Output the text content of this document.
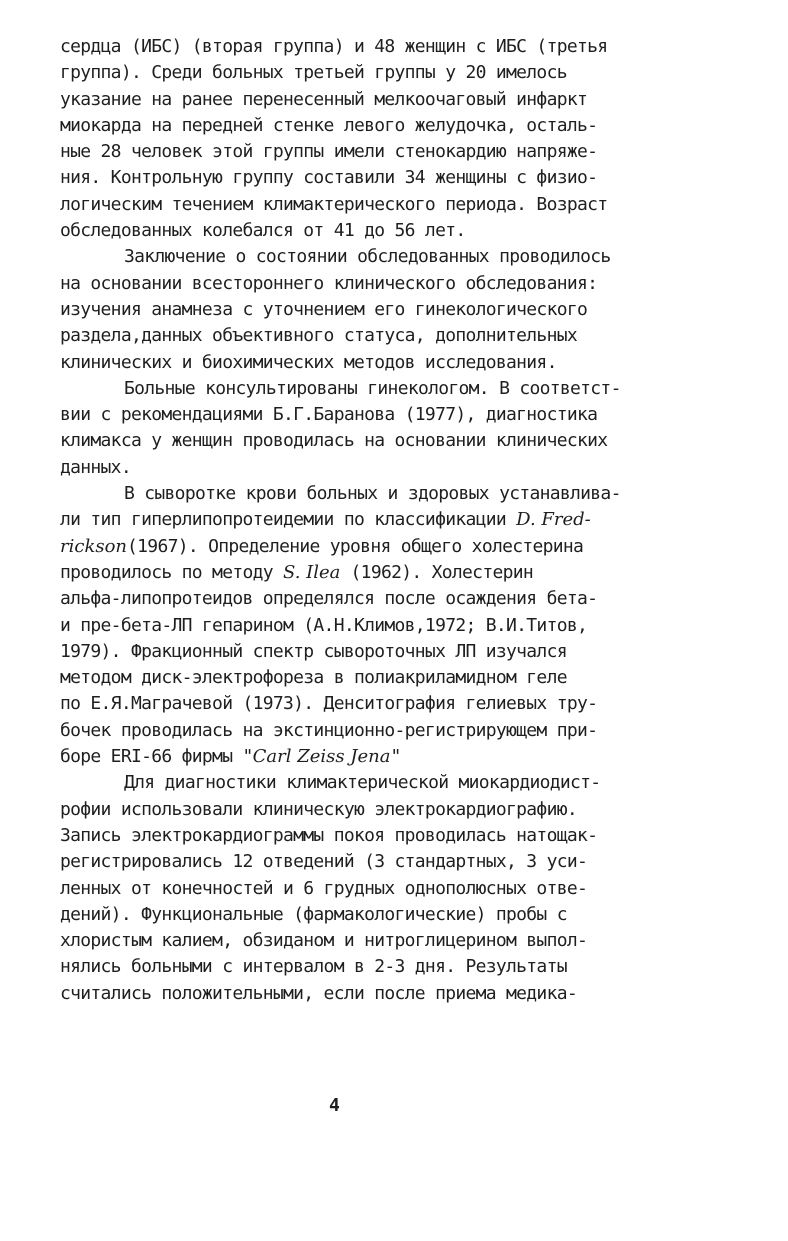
сердца (ИБС) (вторая группа) и 48 женщин с ИБС (третья
группа). Среди больных третьей группы у 20 имелось
указание на ранее перенесенный мелкоочаговый инфаркт
миокарда на передней стенке левого желудочка, осталь-
ные 28 человек этой группы имели стенокардию напряже-
ния. Контрольную группу составили 34 женщины с физио-
логическим течением климактерического периода. Возраст
обследованных колебался от 41 до 56 лет.
Заключение о состоянии обследованных проводилось
на основании всестороннего клинического обследования:
изучения анамнеза с уточнением его гинекологического
раздела,данных объективного статуса, дополнительных
клинических и биохимических методов исследования.
Больные консультированы гинекологом. В соответст-
вии с рекомендациями Б.Г.Баранова (1977), диагностика
климакса у женщин проводилась на основании клинических
данных.
В сыворотке крови больных и здоровых устанавлива-
ли тип гиперлипопротеидемии по классификации D. Fred-
rickson(1967). Определение уровня общего холестерина
проводилось по методу S. Ilea (1962). Холестерин
альфа-липопротеидов определялся после осаждения бета-
и пре-бета-ЛП гепарином (А.Н.Климов,1972; В.И.Титов,
1979). Фракционный спектр сывороточных ЛП изучался
методом диск-электрофореза в полиакриламидном геле
по Е.Я.Маграчевой (1973). Денситография гелиевых тру-
бочек проводилась на экстинционно-регистрирующем при-
боре ERI-66 фирмы "Carl Zeiss Jena"
Для диагностики климактерической миокардиодист-
рофии использовали клиническую электрокардиографию.
Запись электрокардиограммы покоя проводилась натощак-
регистрировались 12 отведений (3 стандартных, 3 уси-
ленных от конечностей и 6 грудных однополюсных отве-
дений). Функциональные (фармакологические) пробы с
хлористым калием, обзиданом и нитроглицерином выпол-
нялись больными с интервалом в 2-3 дня. Результаты
считались положительными, если после приема медика-
4
